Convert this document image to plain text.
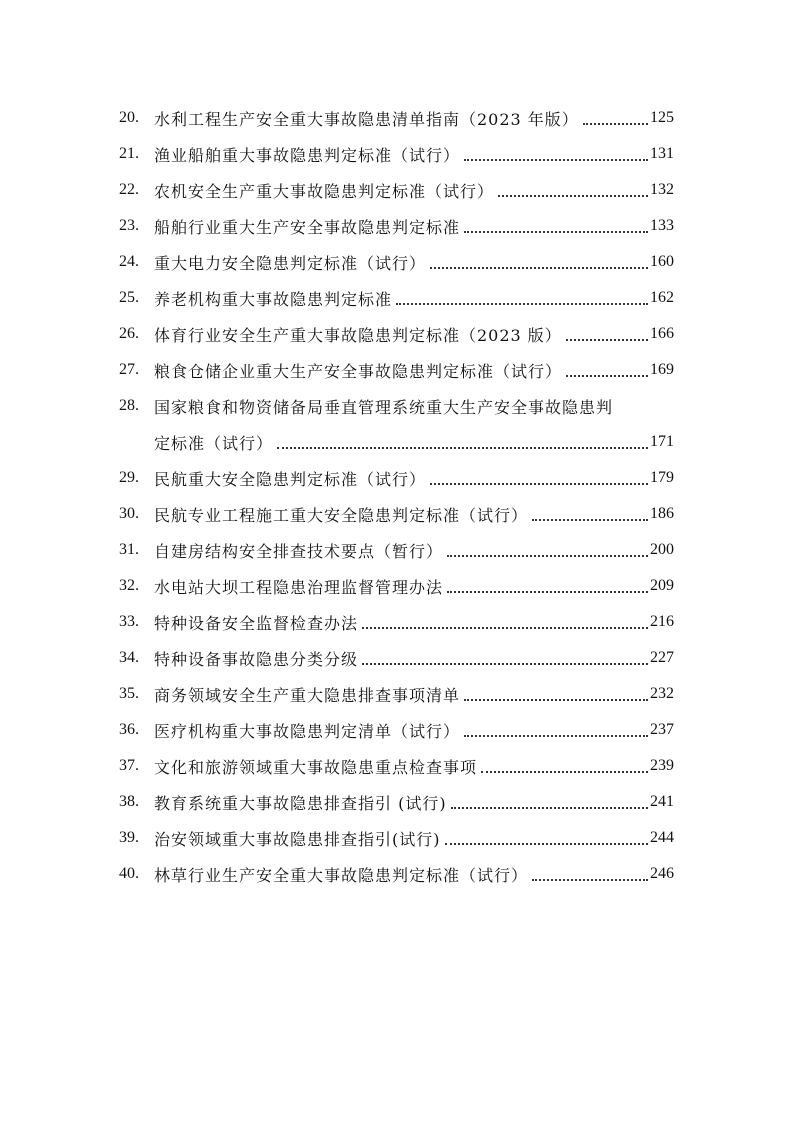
20. 水利工程生产安全重大事故隐患清单指南（2023 年版）	125
21. 渔业船舶重大事故隐患判定标准（试行）	131
22. 农机安全生产重大事故隐患判定标准（试行）	132
23. 船舶行业重大生产安全事故隐患判定标准	133
24. 重大电力安全隐患判定标准（试行）	160
25. 养老机构重大事故隐患判定标准	162
26. 体育行业安全生产重大事故隐患判定标准（2023 版）	166
27. 粮食仓储企业重大生产安全事故隐患判定标准（试行）	169
28. 国家粮食和物资储备局垂直管理系统重大生产安全事故隐患判
定标准（试行）	171
29. 民航重大安全隐患判定标准（试行）	179
30. 民航专业工程施工重大安全隐患判定标准（试行）	186
31. 自建房结构安全排查技术要点（暂行）	200
32. 水电站大坝工程隐患治理监督管理办法	209
33. 特种设备安全监督检查办法	216
34. 特种设备事故隐患分类分级	227
35. 商务领域安全生产重大隐患排查事项清单	232
36. 医疗机构重大事故隐患判定清单（试行）	237
37. 文化和旅游领域重大事故隐患重点检查事项	239
38. 教育系统重大事故隐患排查指引 (试行)	241
39. 治安领域重大事故隐患排查指引(试行)	244
40. 林草行业生产安全重大事故隐患判定标准（试行）	246
